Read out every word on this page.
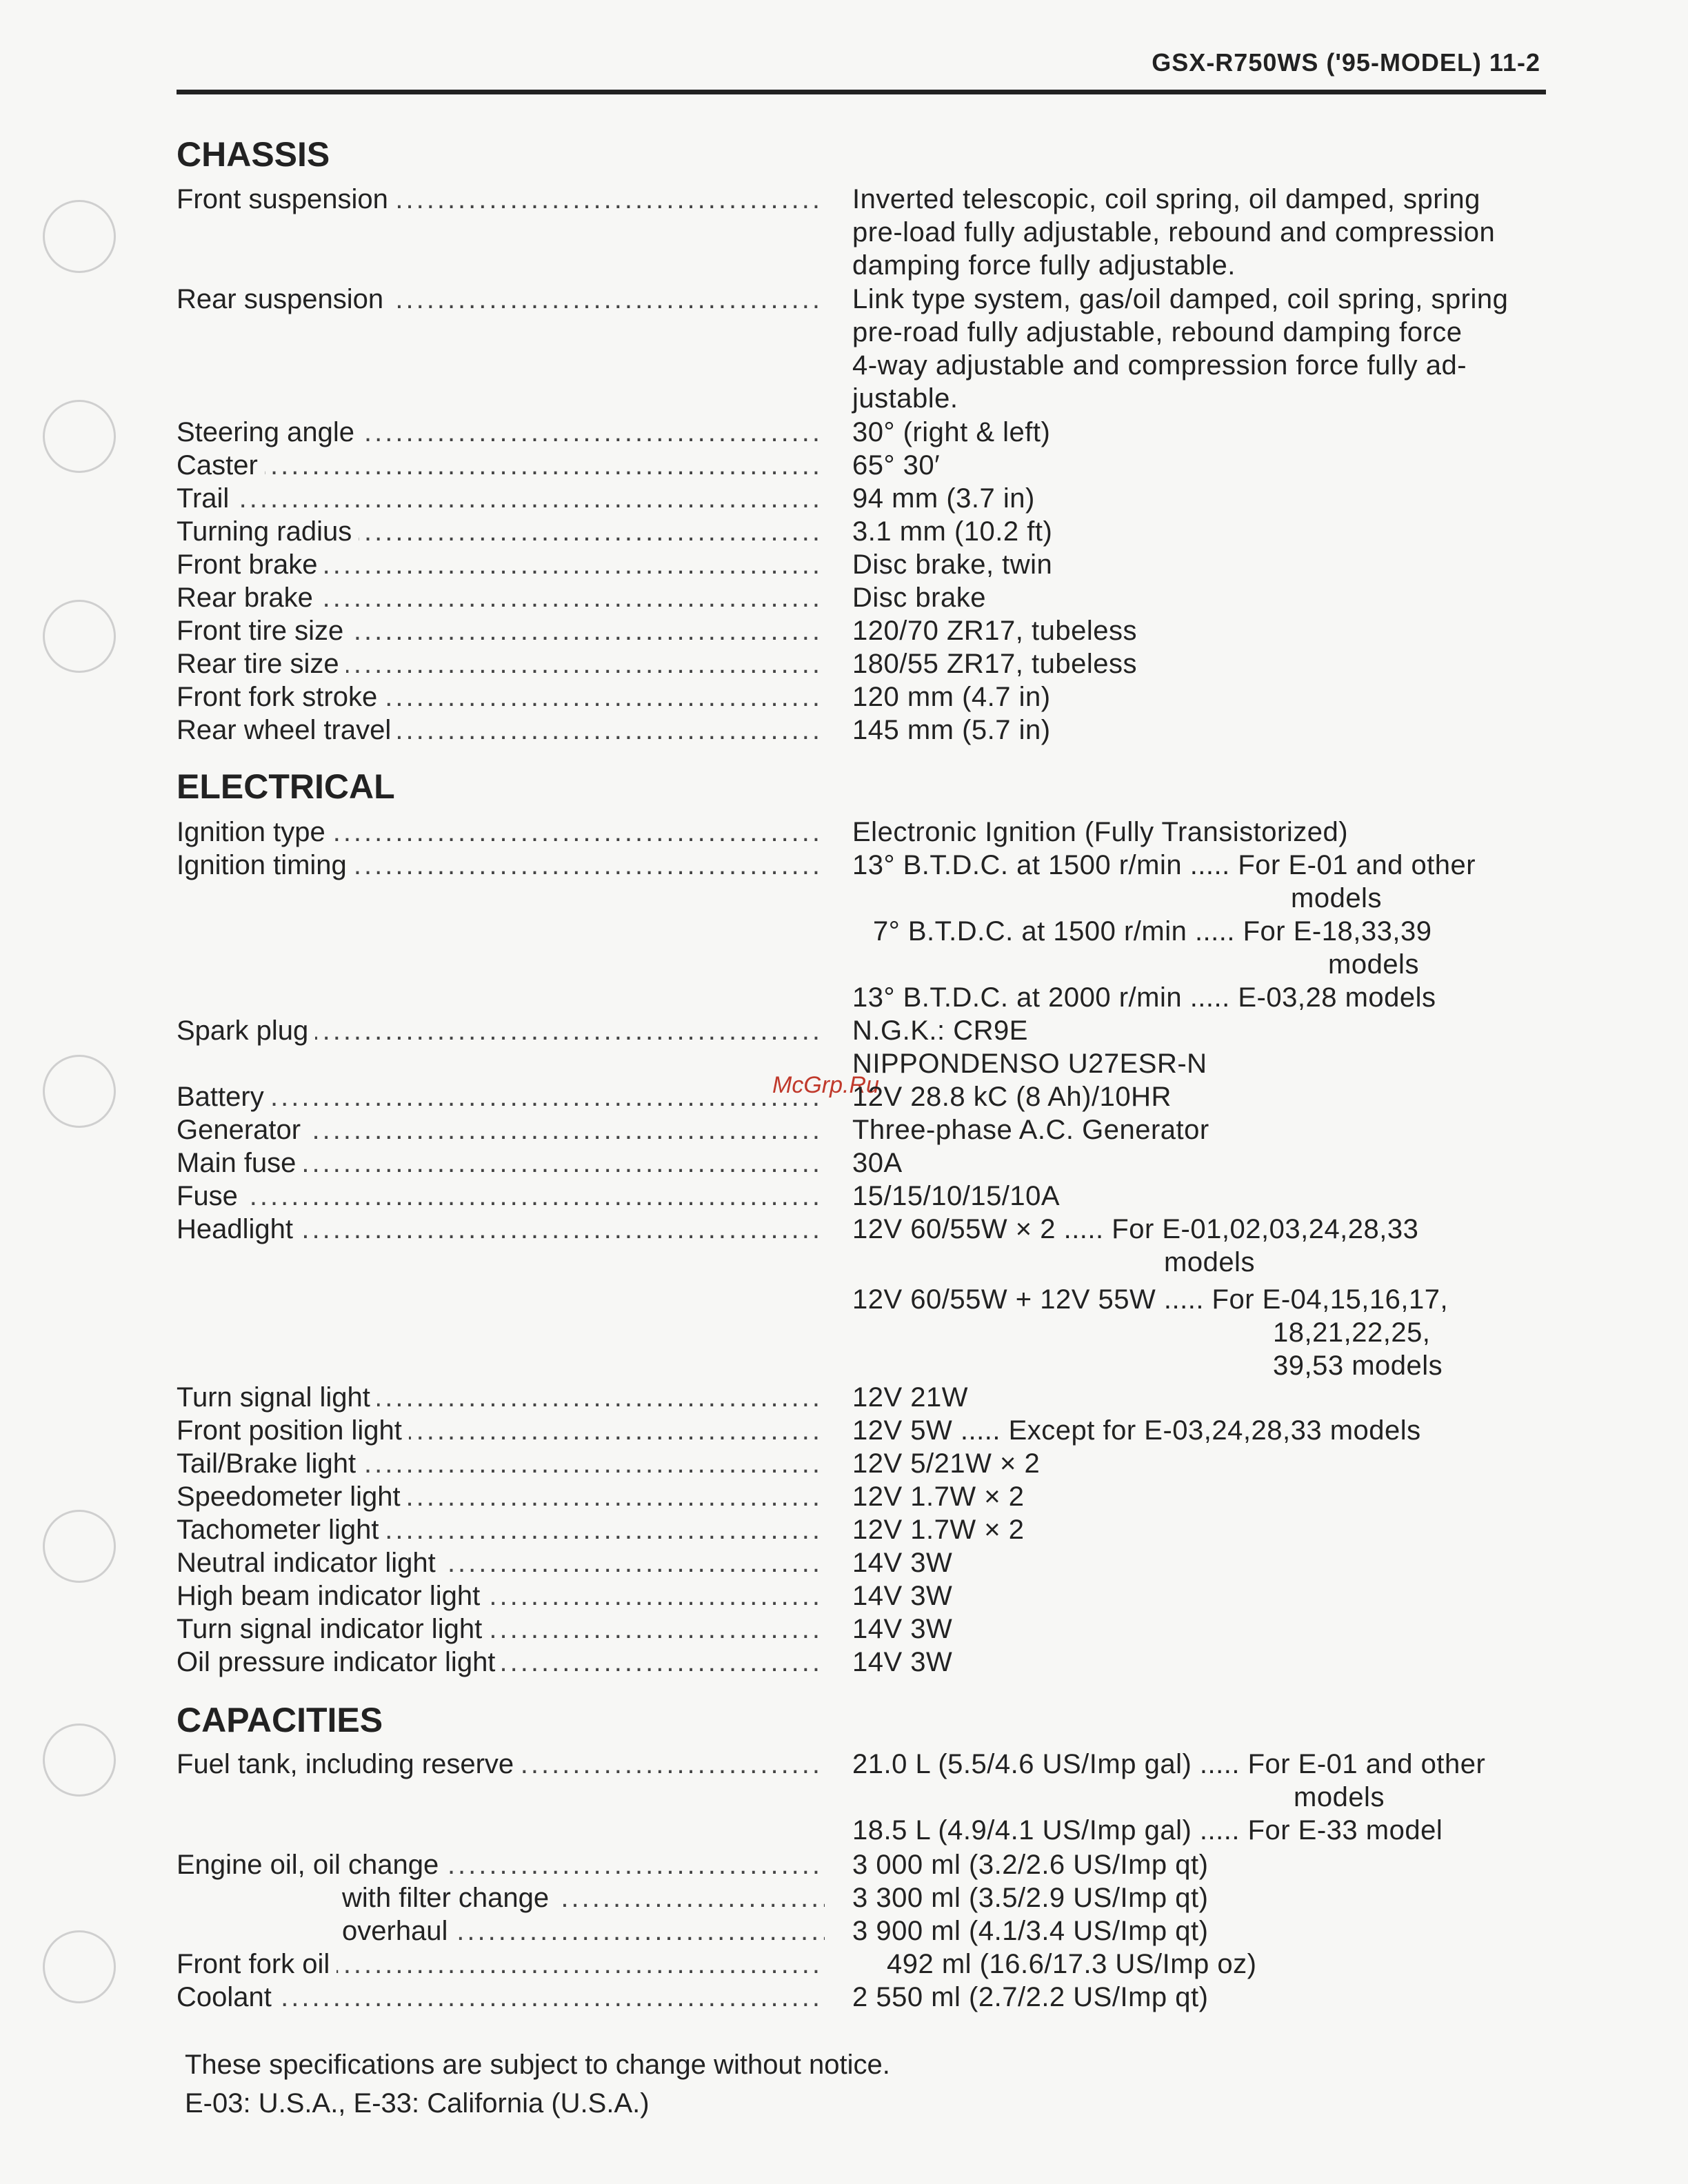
GSX-R750WS ('95-MODEL) 11-2
McGrp.Ru
CHASSIS
Front suspension .....	Inverted telescopic, coil spring, oil damped, spring
pre-load fully adjustable, rebound and compression
damping force fully adjustable.
Rear suspension .....	Link type system, gas/oil damped, coil spring, spring
pre-road fully adjustable, rebound damping force
4-way adjustable and compression force fully ad-
justable.
Steering angle .....	30° (right & left)
Caster .....	65° 30′
Trail .....	94 mm (3.7 in)
Turning radius .....	3.1 mm (10.2 ft)
Front brake .....	Disc brake, twin
Rear brake .....	Disc brake
Front tire size .....	120/70 ZR17, tubeless
Rear tire size .....	180/55 ZR17, tubeless
Front fork stroke .....	120 mm (4.7 in)
Rear wheel travel .....	145 mm (5.7 in)
ELECTRICAL
Ignition type .....	Electronic Ignition (Fully Transistorized)
Ignition timing .....	13° B.T.D.C. at 1500 r/min ..... For E-01 and other
models
7° B.T.D.C. at 1500 r/min ..... For E-18,33,39
models
13° B.T.D.C. at 2000 r/min ..... E-03,28 models
Spark plug .....	N.G.K.: CR9E
NIPPONDENSO U27ESR-N
Battery .....	12V 28.8 kC (8 Ah)/10HR
Generator .....	Three-phase A.C. Generator
Main fuse .....	30A
Fuse .....	15/15/10/15/10A
Headlight .....	12V 60/55W × 2 ..... For E-01,02,03,24,28,33
models
12V 60/55W + 12V 55W ..... For E-04,15,16,17,
18,21,22,25,
39,53 models
Turn signal light .....	12V 21W
Front position light .....	12V 5W ..... Except for E-03,24,28,33 models
Tail/Brake light .....	12V 5/21W × 2
Speedometer light .....	12V 1.7W × 2
Tachometer light .....	12V 1.7W × 2
Neutral indicator light .....	14V 3W
High beam indicator light .....	14V 3W
Turn signal indicator light .....	14V 3W
Oil pressure indicator light .....	14V 3W
CAPACITIES
Fuel tank, including reserve .....	21.0 L (5.5/4.6 US/Imp gal) ..... For E-01 and other
models
18.5 L (4.9/4.1 US/Imp gal) ..... For E-33 model
Engine oil, oil change .....	3 000 ml (3.2/2.6 US/Imp qt)
with filter change .....	3 300 ml (3.5/2.9 US/Imp qt)
overhaul .....	3 900 ml (4.1/3.4 US/Imp qt)
Front fork oil .....	492 ml (16.6/17.3 US/Imp oz)
Coolant .....	2 550 ml (2.7/2.2 US/Imp qt)
These specifications are subject to change without notice.
E-03: U.S.A., E-33: California (U.S.A.)
